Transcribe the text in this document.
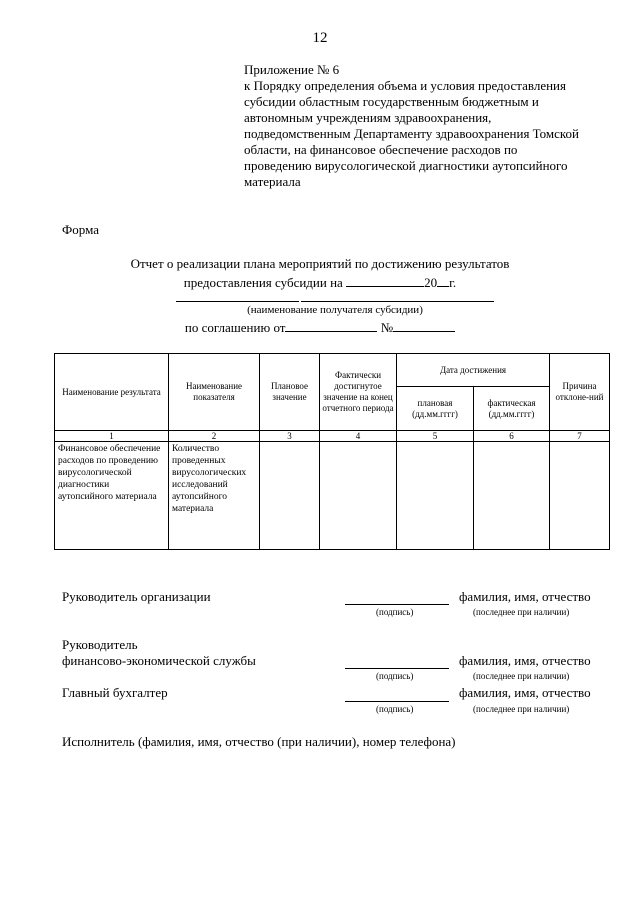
12
Приложение № 6
к Порядку определения объема и условия предоставления
субсидии областным государственным бюджетным и
автономным учреждениям здравоохранения,
подведомственным Департаменту здравоохранения Томской
области, на финансовое обеспечение расходов по
проведению вирусологической диагностики аутопсийного
материала
Форма
Отчет о реализации плана мероприятий по достижению результатов
предоставления субсидии на	20 г.
(наименование получателя субсидии)
по соглашению от	№
Наименование результата	Наименование показателя	Плановое значение	Фактически достигнутое значение на конец отчетного периода	Дата достижения		Причина отклоне-ний
				плановая (дд.мм.гггг)	фактическая (дд.мм.гггг)	
1	2	3	4	5	6	7
Финансовое обеспечение расходов по проведению вирусологической диагностики аутопсийного материала	Количество проведенных вирусологических исследований аутопсийного материала					
Руководитель организации	фамилия, имя, отчество
(подпись)	(последнее при наличии)
Руководитель
финансово-экономической службы	фамилия, имя, отчество
(подпись)	(последнее при наличии)
Главный бухгалтер	фамилия, имя, отчество
(подпись)	(последнее при наличии)
Исполнитель (фамилия, имя, отчество (при наличии), номер телефона)
